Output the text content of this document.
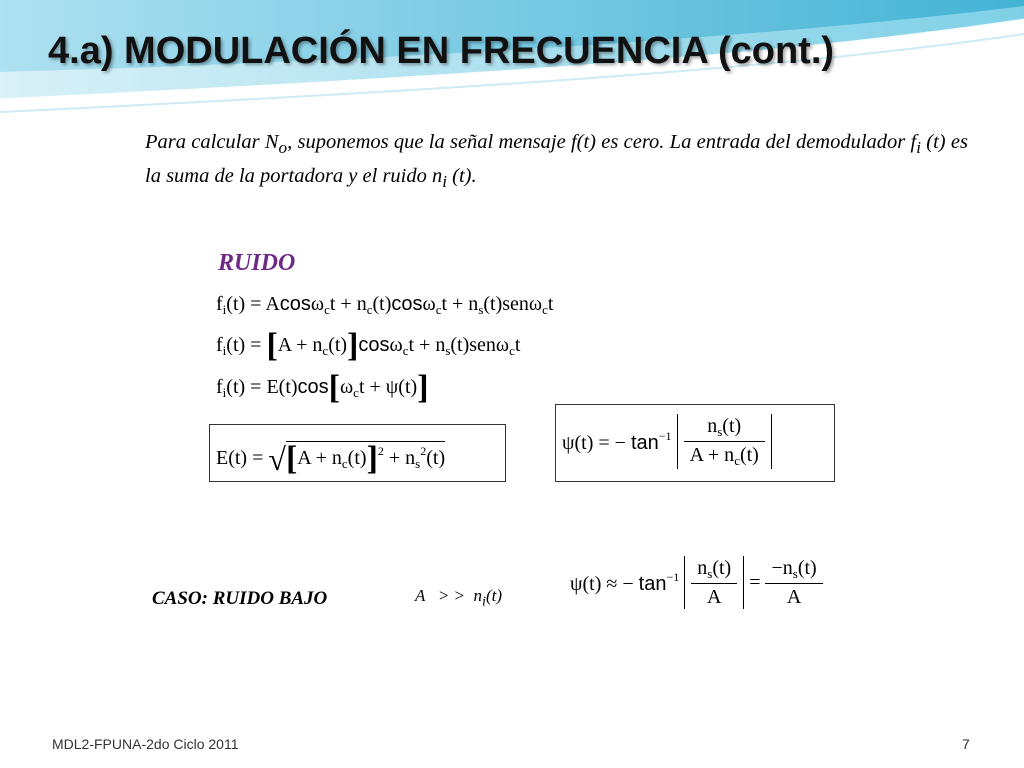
4.a) MODULACIÓN EN FRECUENCIA (cont.)
Para calcular $N_o$, suponemos que la señal mensaje f(t) es cero. La entrada del demodulador $f_i$ (t) es la suma de la portadora y el ruido $n_i$ (t).
RUIDO
$f_i(t) = Acos\omega_ct + n_c(t)\cos\omega_ct + n_s(t)sen\omega_ct$
$f_i(t) = [A + n_c(t)]\cos\omega_ct + n_s(t)sen\omega_ct$
$f_i(t) = E(t)\cos[\omega_ct + \psi(t)]$
$E(t) = √[A + n_c(t)]^2 + n_s^2(t)$
ψ(t) = − $\tan^{-1} \frac{n_s(t)}{A + n_c(t)}$
CASO: RUIDO BAJO	A   > >  $n_i(t)$
ψ(t) ≈ − $\tan^{-1} \frac{n_s(t)}{A} = \frac{-n_s(t)}{A}$
MDL2-FPUNA-2do Ciclo 2011	7
